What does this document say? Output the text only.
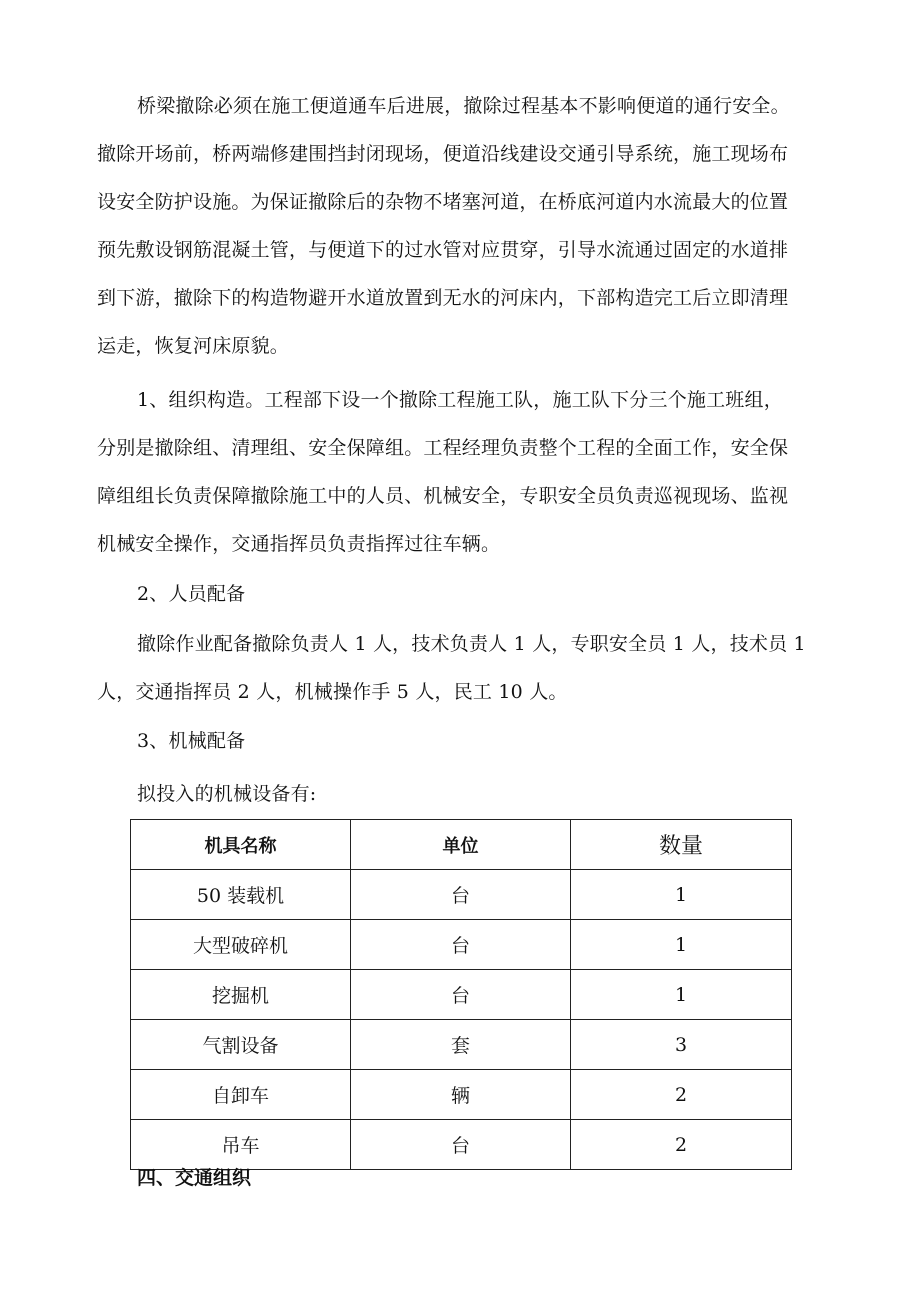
桥梁撤除必须在施工便道通车后进展，撤除过程基本不影响便道的通行安全。
撤除开场前，桥两端修建围挡封闭现场，便道沿线建设交通引导系统，施工现场布
设安全防护设施。为保证撤除后的杂物不堵塞河道，在桥底河道内水流最大的位置
预先敷设钢筋混凝土管，与便道下的过水管对应贯穿，引导水流通过固定的水道排
到下游，撤除下的构造物避开水道放置到无水的河床内，下部构造完工后立即清理
运走，恢复河床原貌。
1、组织构造。工程部下设一个撤除工程施工队，施工队下分三个施工班组，
分别是撤除组、清理组、安全保障组。工程经理负责整个工程的全面工作，安全保
障组组长负责保障撤除施工中的人员、机械安全，专职安全员负责巡视现场、监视
机械安全操作，交通指挥员负责指挥过往车辆。

2、人员配备

撤除作业配备撤除负责人 1 人，技术负责人 1 人，专职安全员 1 人，技术员 1
人，交通指挥员 2 人，机械操作手 5 人，民工 10 人。

3、机械配备

拟投入的机械设备有:

机具名称	单位	数量
50 装载机	台	1
大型破碎机	台	1
挖掘机	台	1
气割设备	套	3
自卸车	辆	2
吊车	台	2

四、交通组织
